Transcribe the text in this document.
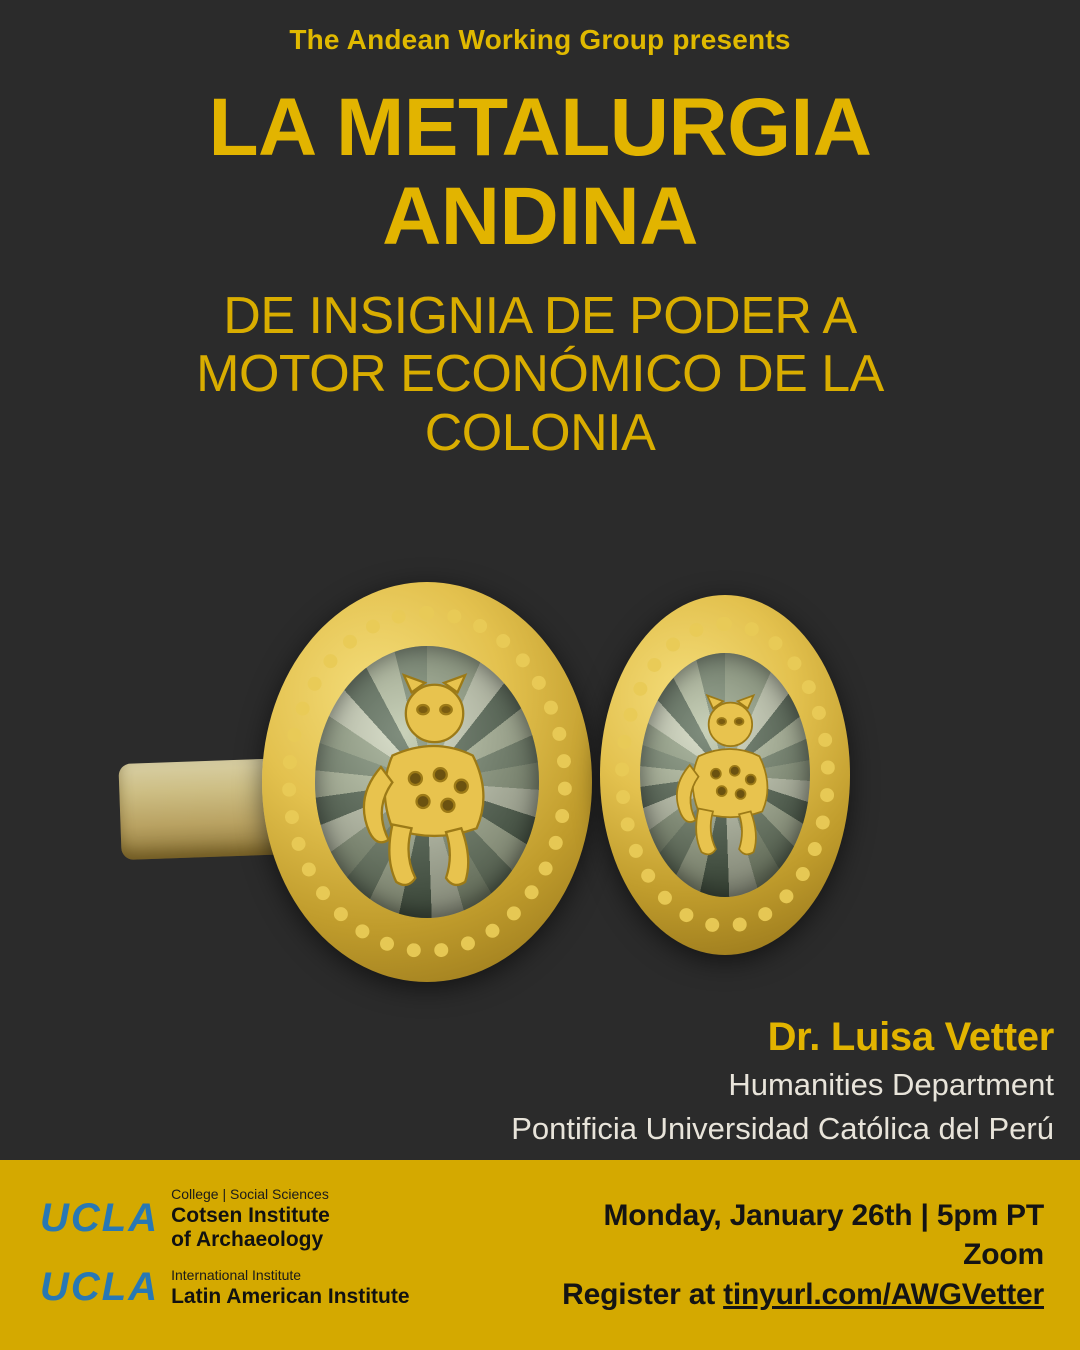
The Andean Working Group presents
LA METALURGIA
ANDINA
DE INSIGNIA DE PODER A
MOTOR ECONÓMICO DE LA
COLONIA
Dr. Luisa Vetter
Humanities Department
Pontificia Universidad Católica del Perú
UCLA
College | Social Sciences
Cotsen Institute
of Archaeology
UCLA International Institute
Latin American Institute
Monday, January 26th | 5pm PT
Zoom
Register at tinyurl.com/AWGVetter
